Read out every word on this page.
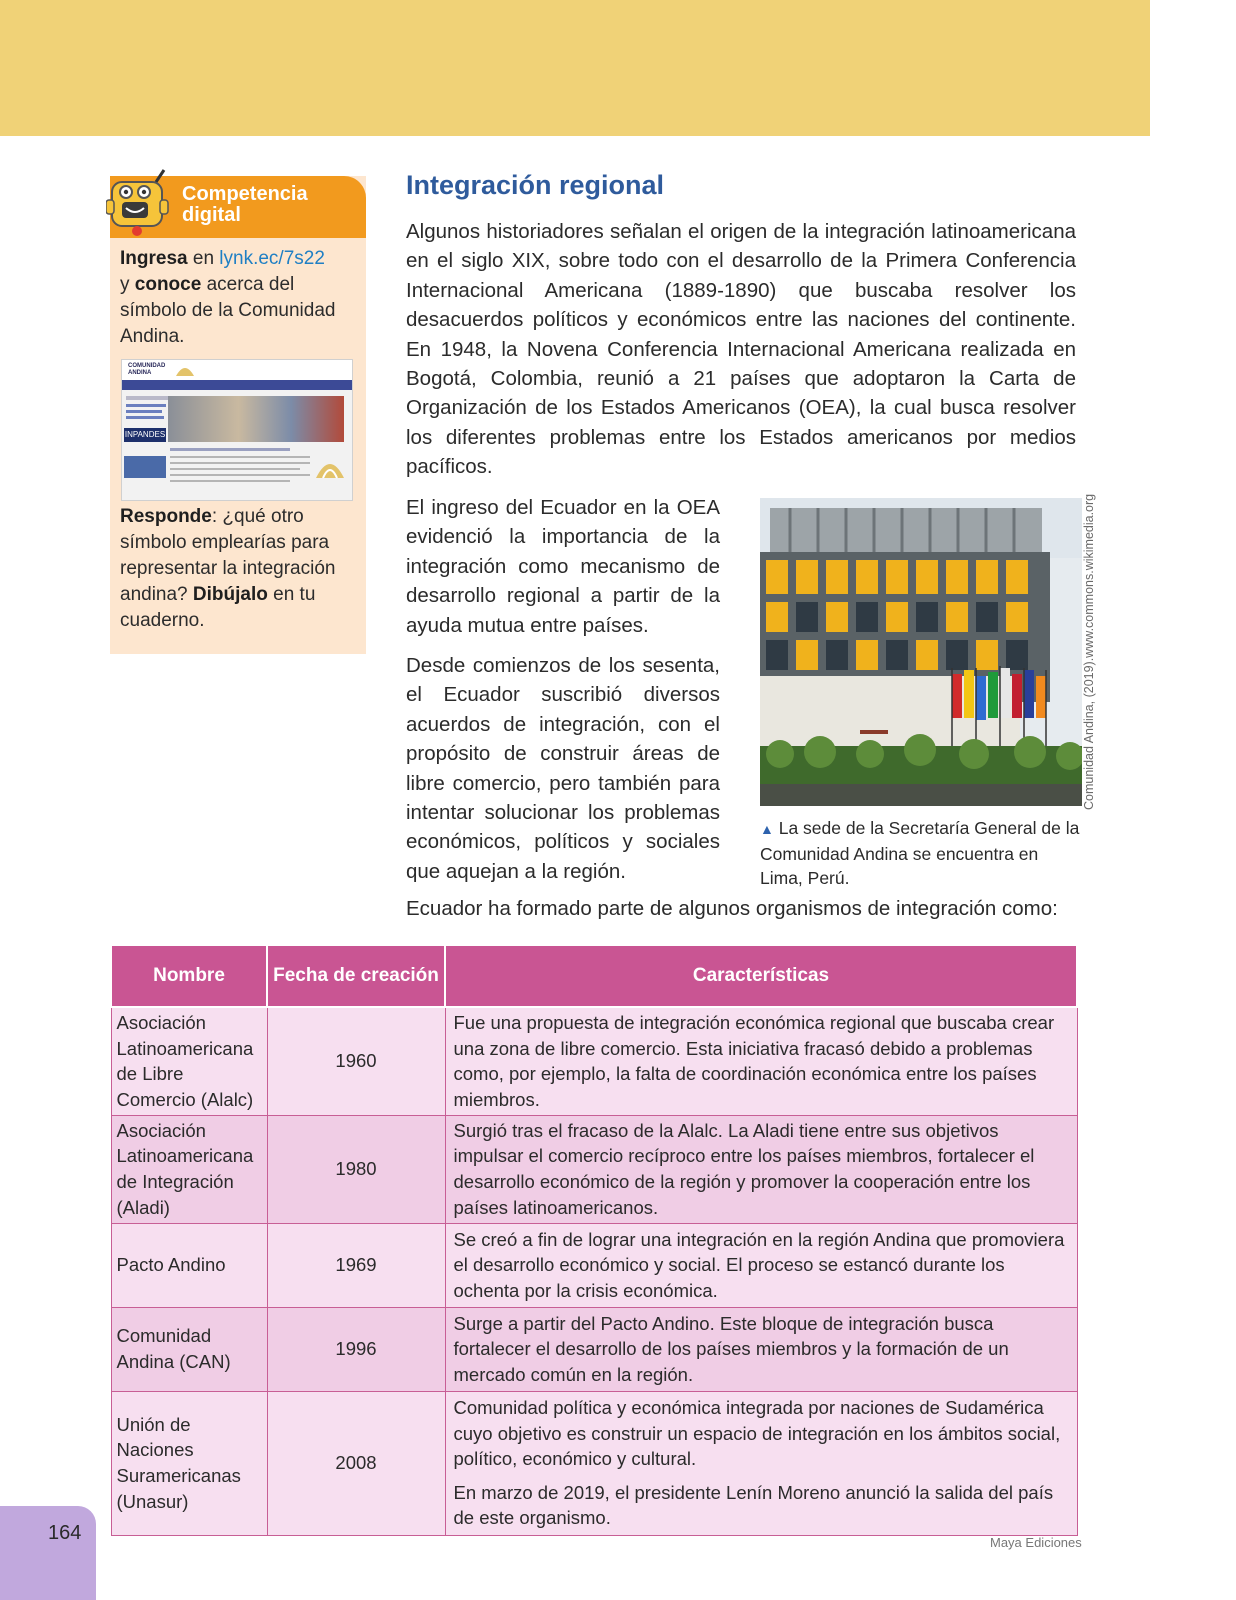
Competencia
digital
Ingresa en lynk.ec/7s22
y conoce acerca del símbolo de la Comunidad Andina.
COMUNIDAD ANDINA
INPANDES
Responde: ¿qué otro símbolo emplearías para representar la integración andina? Dibújalo en tu cuaderno.
Integración regional

Algunos historiadores señalan el origen de la integración latinoamericana en el siglo XIX, sobre todo con el desarrollo de la Primera Conferencia Internacional Americana (1889-1890) que buscaba resolver los desacuerdos políticos y económicos entre las naciones del continente. En 1948, la Novena Conferencia Internacional Americana realizada en Bogotá, Colombia, reunió a 21 países que adoptaron la Carta de Organización de los Estados Americanos (OEA), la cual busca resolver los diferentes problemas entre los Estados americanos por medios pacíficos.

El ingreso del Ecuador en la OEA evidenció la importancia de la integración como mecanismo de desarrollo regional a partir de la ayuda mutua entre países.

Desde comienzos de los sesenta, el Ecuador suscribió diversos acuerdos de integración, con el propósito de construir áreas de libre comercio, pero también para intentar solucionar los problemas económicos, políticos y sociales que aquejan a la región.

▲ La sede de la Secretaría General de la Comunidad Andina se encuentra en Lima, Perú.
Comunidad Andina, (2019).www.commons.wikimedia.org
Ecuador ha formado parte de algunos organismos de integración como:
Nombre	Fecha de creación	Características
Asociación Latinoamericana de Libre Comercio (Alalc)	1960	Fue una propuesta de integración económica regional que buscaba crear una zona de libre comercio. Esta iniciativa fracasó debido a problemas como, por ejemplo, la falta de coordinación económica entre los países miembros.
Asociación Latinoamericana de Integración (Aladi)	1980	Surgió tras el fracaso de la Alalc. La Aladi tiene entre sus objetivos impulsar el comercio recíproco entre los países miembros, fortalecer el desarrollo económico de la región y promover la cooperación entre los países latinoamericanos.
Pacto Andino	1969	Se creó a fin de lograr una integración en la región Andina que promoviera el desarrollo económico y social. El proceso se estancó durante los ochenta por la crisis económica.
Comunidad Andina (CAN)	1996	Surge a partir del Pacto Andino. Este bloque de integración busca fortalecer el desarrollo de los países miembros y la formación de un mercado común en la región.
Unión de Naciones Suramericanas (Unasur)	2008	Comunidad política y económica integrada por naciones de Sudamérica cuyo objetivo es construir un espacio de integración en los ámbitos social, político, económico y cultural.

En marzo de 2019, el presidente Lenín Moreno anunció la salida del país de este organismo.

164	Maya Ediciones
